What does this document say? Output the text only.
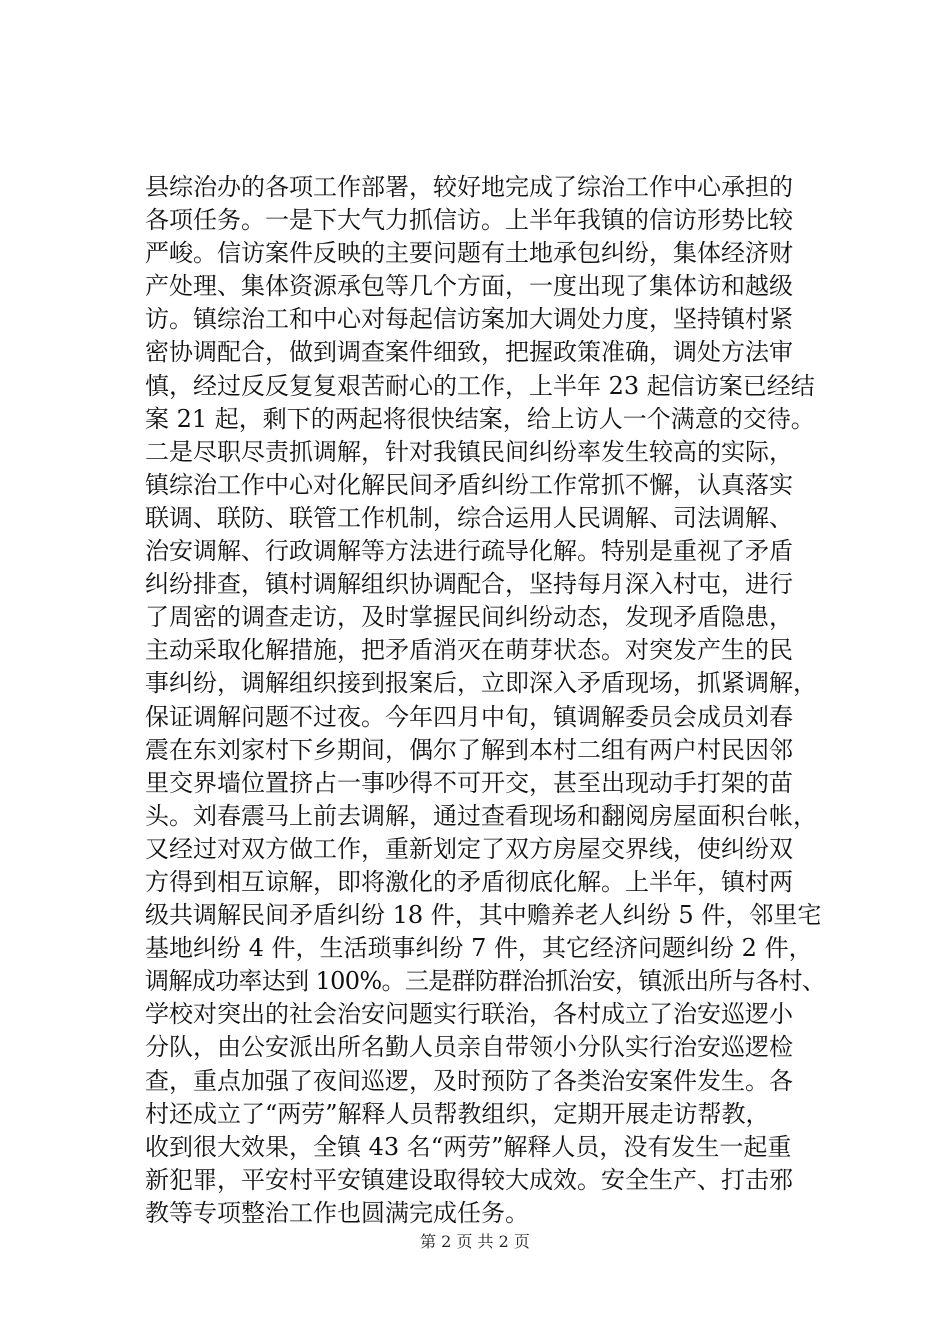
县综治办的各项工作部署，较好地完成了综治工作中心承担的
各项任务。一是下大气力抓信访。上半年我镇的信访形势比较
严峻。信访案件反映的主要问题有土地承包纠纷，集体经济财
产处理、集体资源承包等几个方面，一度出现了集体访和越级
访。镇综治工和中心对每起信访案加大调处力度，坚持镇村紧
密协调配合，做到调查案件细致，把握政策准确，调处方法审
慎，经过反反复复艰苦耐心的工作，上半年 23 起信访案已经结
案 21 起，剩下的两起将很快结案，给上访人一个满意的交待。
二是尽职尽责抓调解，针对我镇民间纠纷率发生较高的实际，
镇综治工作中心对化解民间矛盾纠纷工作常抓不懈，认真落实
联调、联防、联管工作机制，综合运用人民调解、司法调解、
治安调解、行政调解等方法进行疏导化解。特别是重视了矛盾
纠纷排查，镇村调解组织协调配合，坚持每月深入村屯，进行
了周密的调查走访，及时掌握民间纠纷动态，发现矛盾隐患，
主动采取化解措施，把矛盾消灭在萌芽状态。对突发产生的民
事纠纷，调解组织接到报案后，立即深入矛盾现场，抓紧调解，
保证调解问题不过夜。今年四月中旬，镇调解委员会成员刘春
震在东刘家村下乡期间，偶尔了解到本村二组有两户村民因邻
里交界墙位置挤占一事吵得不可开交，甚至出现动手打架的苗
头。刘春震马上前去调解，通过查看现场和翻阅房屋面积台帐，
又经过对双方做工作，重新划定了双方房屋交界线，使纠纷双
方得到相互谅解，即将激化的矛盾彻底化解。上半年，镇村两
级共调解民间矛盾纠纷 18 件，其中赡养老人纠纷 5 件，邻里宅
基地纠纷 4 件，生活琐事纠纷 7 件，其它经济问题纠纷 2 件，
调解成功率达到 100%。三是群防群治抓治安，镇派出所与各村、
学校对突出的社会治安问题实行联治，各村成立了治安巡逻小
分队，由公安派出所名勤人员亲自带领小分队实行治安巡逻检
查，重点加强了夜间巡逻，及时预防了各类治安案件发生。各
村还成立了“两劳”解释人员帮教组织，定期开展走访帮教，
收到很大效果，全镇 43 名“两劳”解释人员，没有发生一起重
新犯罪，平安村平安镇建设取得较大成效。安全生产、打击邪
教等专项整治工作也圆满完成任务。
第 2 页 共 2 页
